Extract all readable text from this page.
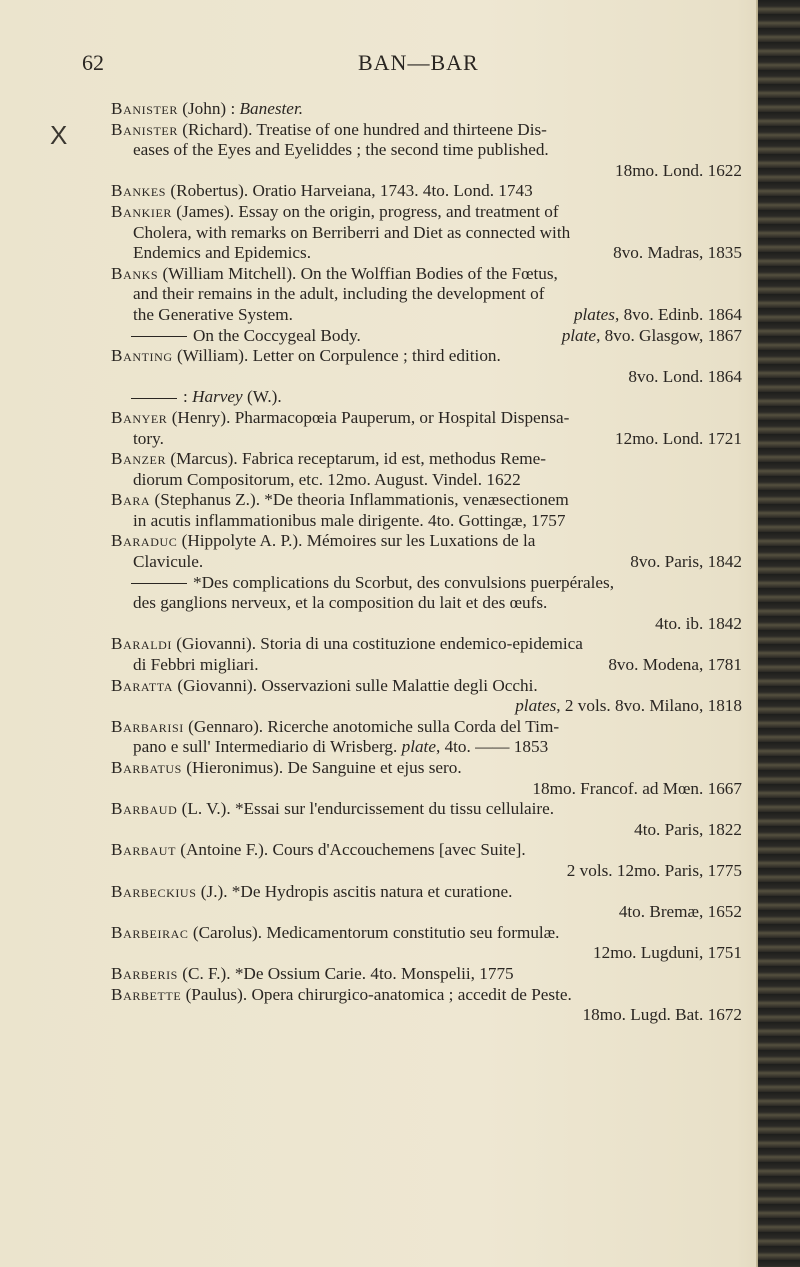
62	BAN—BAR
X
Banister (John) : Banester.
Banister (Richard). Treatise of one hundred and thirteene Dis-
eases of the Eyes and Eyeliddes ; the second time published.
18mo. Lond. 1622
Bankes (Robertus). Oratio Harveiana, 1743. 4to. Lond. 1743
Bankier (James). Essay on the origin, progress, and treatment of
Cholera, with remarks on Berriberri and Diet as connected with
Endemics and Epidemics.	8vo. Madras, 1835
Banks (William Mitchell). On the Wolffian Bodies of the Fœtus,
and their remains in the adult, including the development of
the Generative System.	plates, 8vo. Edinb. 1864
On the Coccygeal Body.	plate, 8vo. Glasgow, 1867
Banting (William). Letter on Corpulence ; third edition.
8vo. Lond. 1864
: Harvey (W.).
Banyer (Henry). Pharmacopœia Pauperum, or Hospital Dispensa-
tory.	12mo. Lond. 1721
Banzer (Marcus). Fabrica receptarum, id est, methodus Reme-
diorum Compositorum, etc. 12mo. August. Vindel. 1622
Bara (Stephanus Z.). *De theoria Inflammationis, venæsectionem
in acutis inflammationibus male dirigente. 4to. Gottingæ, 1757
Baraduc (Hippolyte A. P.). Mémoires sur les Luxations de la
Clavicule.	8vo. Paris, 1842
*Des complications du Scorbut, des convulsions puerpérales,
des ganglions nerveux, et la composition du lait et des œufs.
4to. ib. 1842
Baraldi (Giovanni). Storia di una costituzione endemico-epidemica
di Febbri migliari.	8vo. Modena, 1781
Baratta (Giovanni). Osservazioni sulle Malattie degli Occhi.
plates, 2 vols. 8vo. Milano, 1818
Barbarisi (Gennaro). Ricerche anotomiche sulla Corda del Tim-
pano e sull' Intermediario di Wrisberg. plate, 4to. —— 1853
Barbatus (Hieronimus). De Sanguine et ejus sero.
18mo. Francof. ad Mœn. 1667
Barbaud (L. V.). *Essai sur l'endurcissement du tissu cellulaire.
4to. Paris, 1822
Barbaut (Antoine F.). Cours d'Accouchemens [avec Suite].
2 vols. 12mo. Paris, 1775
Barbeckius (J.). *De Hydropis ascitis natura et curatione.
4to. Bremæ, 1652
Barbeirac (Carolus). Medicamentorum constitutio seu formulæ.
12mo. Lugduni, 1751
Barberis (C. F.). *De Ossium Carie. 4to. Monspelii, 1775
Barbette (Paulus). Opera chirurgico-anatomica ; accedit de Peste.
18mo. Lugd. Bat. 1672
